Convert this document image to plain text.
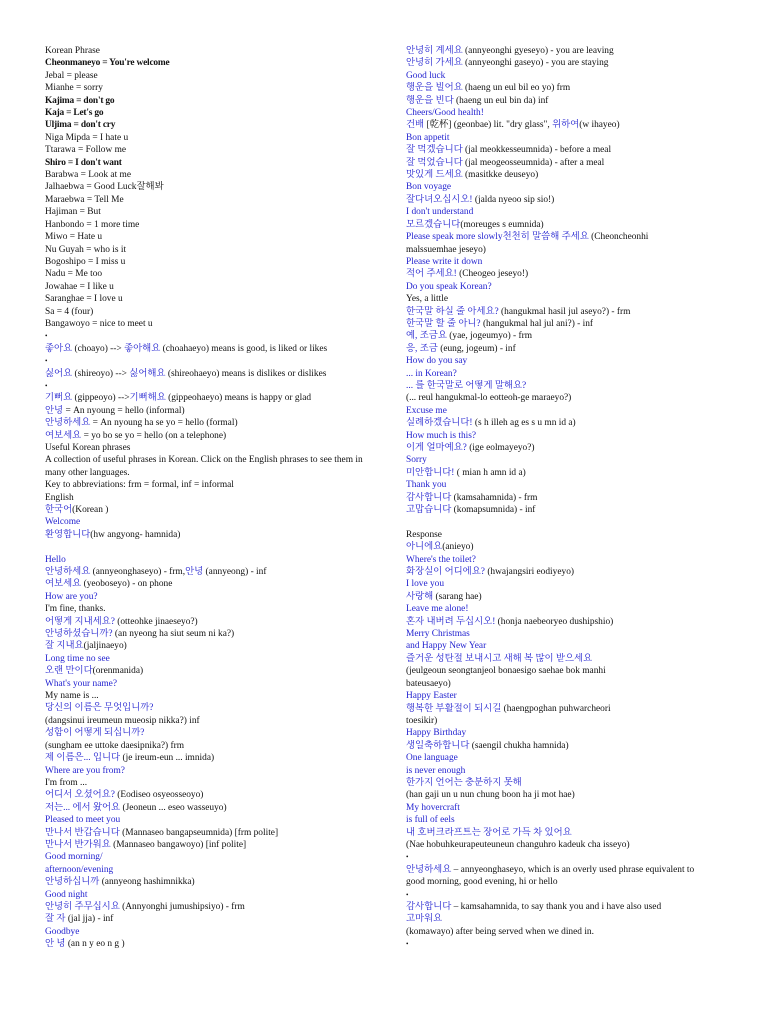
Korean Phrase
Cheonmaneyo = You're welcome
Jebal = please
Mianhe = sorry
Kajima = don't go
Kaja = Let's go
Uljima = don't cry
Niga Mipda = I hate u
Ttarawa = Follow me
Shiro = I don't want
Barabwa = Look at me
Jalhaebwa = Good Luck잘해봐
Maraebwa = Tell Me
Hajiman = But
Hanbondo = 1 more time
Miwo = Hate u
Nu Guyah = who is it
Bogoshipo = I miss u
Nadu = Me too
Jowahae = I like u
Saranghae = I love u
Sa = 4 (four)
Bangawoyo = nice to meet u
•
좋아요 (choayo) --> 좋아해요 (choahaeyo) means is good, is liked or likes
•
싫어요 (shireoyo) --> 싫어해요 (shireohaeyo) means is dislikes or dislikes
•
기뻐요 (gippeoyo) -->기뻐해요 (gippeohaeyo) means is happy or glad
안녕 = An nyoung = hello (informal)
안녕하세요 = An nyoung ha se yo = hello (formal)
여보세요 = yo bo se yo = hello (on a telephone)
Useful Korean phrases
A collection of useful phrases in Korean. Click on the English phrases to see them in
many other languages.
Key to abbreviations: frm = formal, inf = informal
English
한국어(Korean )
Welcome
환영합니다(hw angyong- hamnida)
Hello
안녕하세요 (annyeonghaseyo) - frm,안녕 (annyeong) - inf
여보세요 (yeoboseyo) - on phone
How are you?
I'm fine, thanks.
어떻게 지내세요? (otteohke jinaeseyo?)
안녕하셨습니까? (an nyeong ha siut seum ni ka?)
잘 지내요(jaljinaeyo)
Long time no see
오랜 만이다(orenmanida)
What's your name?
My name is ...
당신의 이름은 무엇입니까?
(dangsinui ireumeun mueosip nikka?) inf
성함이 어떻게 되십니까?
(sungham ee uttoke daesipnika?) frm
제 이름은... 입니다 (je ireum-eun ... imnida)
Where are you from?
I'm from ...
어디서 오셨어요? (Eodiseo osyeosseoyo)
저는... 에서 왔어요 (Jeoneun ... eseo wasseuyo)
Pleased to meet you
만나서 반갑습니다 (Mannaseo bangapseumnida) [frm polite]
만나서 반가워요 (Mannaseo bangawoyo) [inf polite]
Good morning/
afternoon/evening
안녕하십니까 (annyeong hashimnikka)
Good night
안녕히 주무십시요 (Annyonghi jumushipsiyo) - frm
잘 자 (jal jja) - inf
Goodbye
안 녕 (an n y eo n g )
안녕히 계세요 (annyeonghi gyeseyo) - you are leaving
안녕히 가세요 (annyeonghi gaseyo) - you are staying
Good luck
행운을 빌어요 (haeng un eul bil eo yo) frm
행운을 빈다 (haeng un eul bin da) inf
Cheers/Good health!
건배 [乾杯] (geonbae) lit. "dry glass", 위하여(w ihayeo)
Bon appetit
잘 먹겠습니다 (jal meokkesseumnida) - before a meal
잘 먹었습니다 (jal meogeosseumnida) - after a meal
맛있게 드세요 (masitkke deuseyo)
Bon voyage
잘다녀오십시오! (jalda nyeoo sip sio!)
I don't understand
모르겠습니다(moreuges s eumnida)
Please speak more slowly천천히 말씀해 주세요 (Cheoncheonhi
malssuemhae jeseyo)
Please write it down
적어 주세요! (Cheogeo jeseyo!)
Do you speak Korean?
Yes, a little
한국말 하실 줄 아세요? (hangukmal hasil jul aseyo?) - frm
한국말 할 줄 아니? (hangukmal hal jul ani?) - inf
예, 조금요 (yae, jogeumyo) - frm
응, 조금 (eung, jogeum) - inf
How do you say
... in Korean?
... 를 한국말로 어떻게 말해요?
(... reul hangukmal-lo eotteoh-ge maraeyo?)
Excuse me
실례하겠습니다! (s h illeh ag es s u mn id a)
How much is this?
이게 얼마예요? (ige eolmayeyo?)
Sorry
미안합니다! ( mian h amn id a)
Thank you
감사합니다 (kamsahamnida) - frm
고맙습니다 (komapsumnida) - inf
Response
아니에요(anieyo)
Where's the toilet?
화장실이 어디에요? (hwajangsiri eodiyeyo)
I love you
사랑해 (sarang hae)
Leave me alone!
혼자 내버려 두십시오! (honja naebeoryeo dushipshio)
Merry Christmas
and Happy New Year
즐거운 성탄절 보내시고 새해 복 많이 받으세요
(jeulgeoun seongtanjeol bonaesigo saehae bok manhi
bateusaeyo)
Happy Easter
행복한 부활절이 되시길 (haengpoghan puhwarcheori
toesikir)
Happy Birthday
생일축하합니다 (saengil chukha hamnida)
One language
is never enough
한가지 언어는 충분하지 못해
(han gaji un u nun chung boon ha ji mot hae)
My hovercraft
is full of eels
내 호버크라프트는 장어로 가득 차 있어요
(Nae hobuhkeurapeuteuneun changuhro kadeuk cha isseyo)
•
안녕하세요 – annyeonghaseyo, which is an overly used phrase equivalent to
good morning, good evening, hi or hello
•
감사합니다 – kamsahamnida, to say thank you and i have also used
고마워요
(komawayo) after being served when we dined in.
•
